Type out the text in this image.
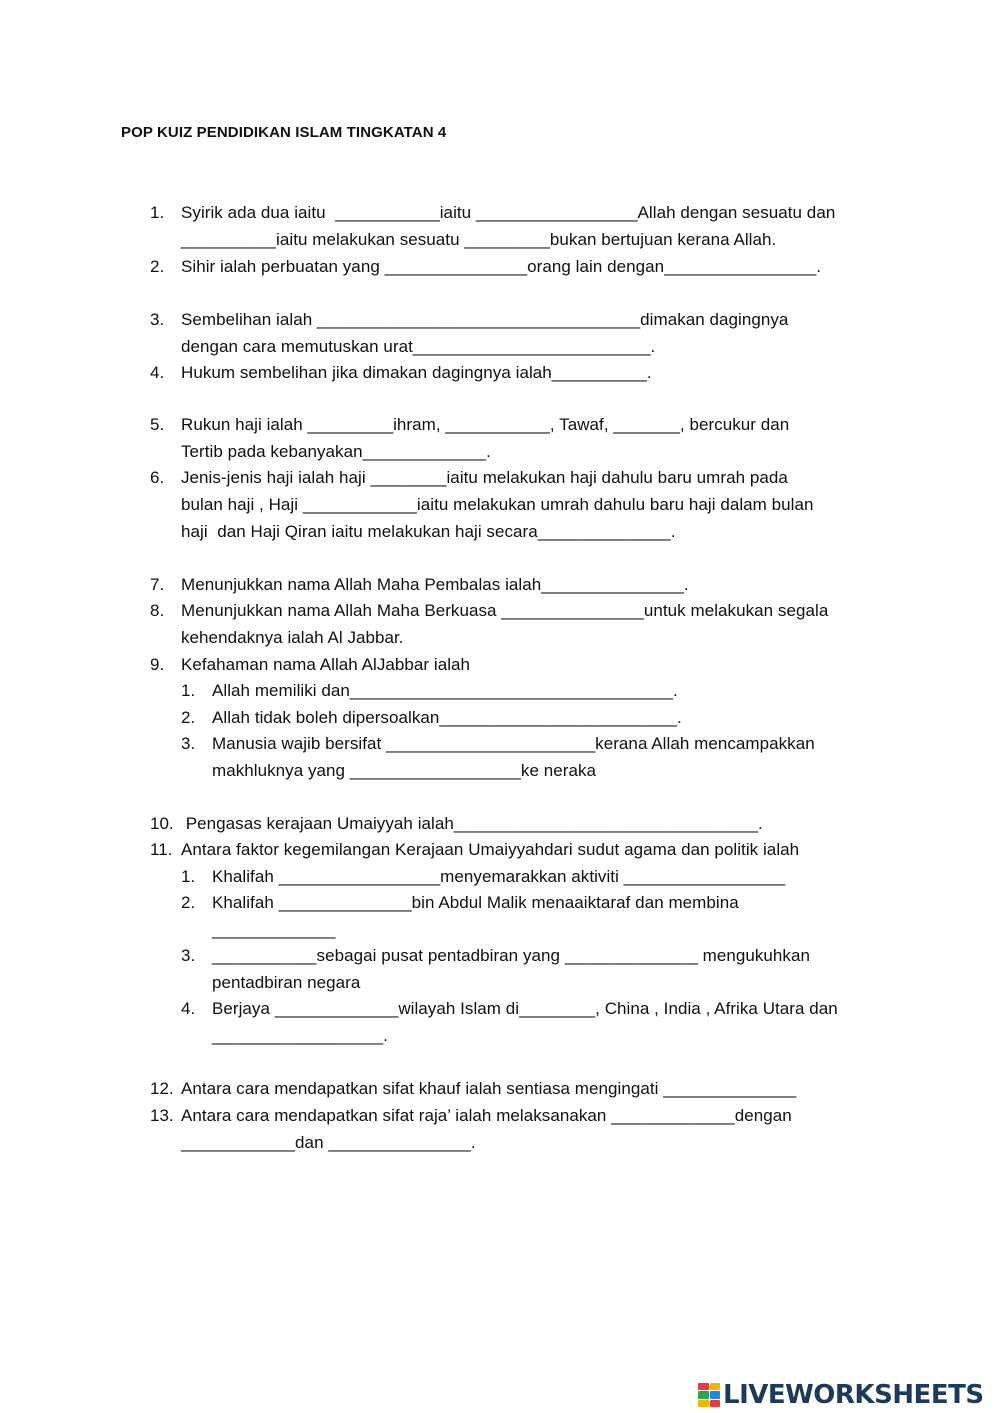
POP KUIZ PENDIDIKAN ISLAM TINGKATAN 4
1. Syirik ada dua iaitu  ___________iaitu _________________Allah dengan sesuatu dan
__________iaitu melakukan sesuatu _________bukan bertujuan kerana Allah.
2. Sihir ialah perbuatan yang _______________orang lain dengan________________.
3. Sembelihan ialah __________________________________dimakan dagingnya
dengan cara memutuskan urat_________________________.
4. Hukum sembelihan jika dimakan dagingnya ialah__________.
5. Rukun haji ialah _________ihram, ___________, Tawaf, _______, bercukur dan
Tertib pada kebanyakan_____________.
6. Jenis-jenis haji ialah haji ________iaitu melakukan haji dahulu baru umrah pada
bulan haji , Haji ____________iaitu melakukan umrah dahulu baru haji dalam bulan
haji  dan Haji Qiran iaitu melakukan haji secara______________.
7. Menunjukkan nama Allah Maha Pembalas ialah_______________.
8. Menunjukkan nama Allah Maha Berkuasa _______________untuk melakukan segala
kehendaknya ialah Al Jabbar.
9. Kefahaman nama Allah AlJabbar ialah
1. Allah memiliki dan__________________________________.
2. Allah tidak boleh dipersoalkan_________________________.
3. Manusia wajib bersifat ______________________kerana Allah mencampakkan
makhluknya yang __________________ke neraka
10. Pengasas kerajaan Umaiyyah ialah________________________________.
11. Antara faktor kegemilangan Kerajaan Umaiyyahdari sudut agama dan politik ialah
1. Khalifah _________________menyemarakkan aktiviti _________________
2. Khalifah ______________bin Abdul Malik menaaiktaraf dan membina
_____________
3. ___________sebagai pusat pentadbiran yang ______________ mengukuhkan
pentadbiran negara
4. Berjaya _____________wilayah Islam di________, China , India , Afrika Utara dan
__________________.
12. Antara cara mendapatkan sifat khauf ialah sentiasa mengingati ______________
13. Antara cara mendapatkan sifat raja’ ialah melaksanakan _____________dengan
____________dan _______________.
LIVEWORKSHEETS
